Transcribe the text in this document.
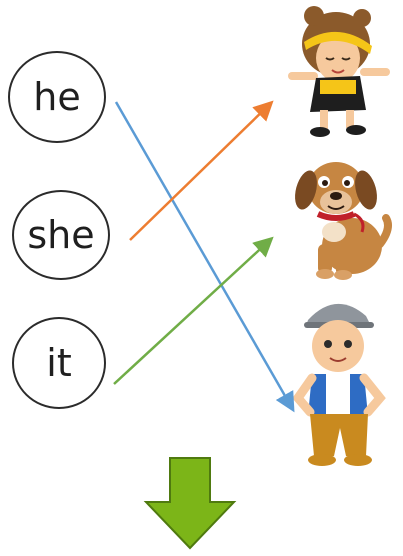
he
she
it
